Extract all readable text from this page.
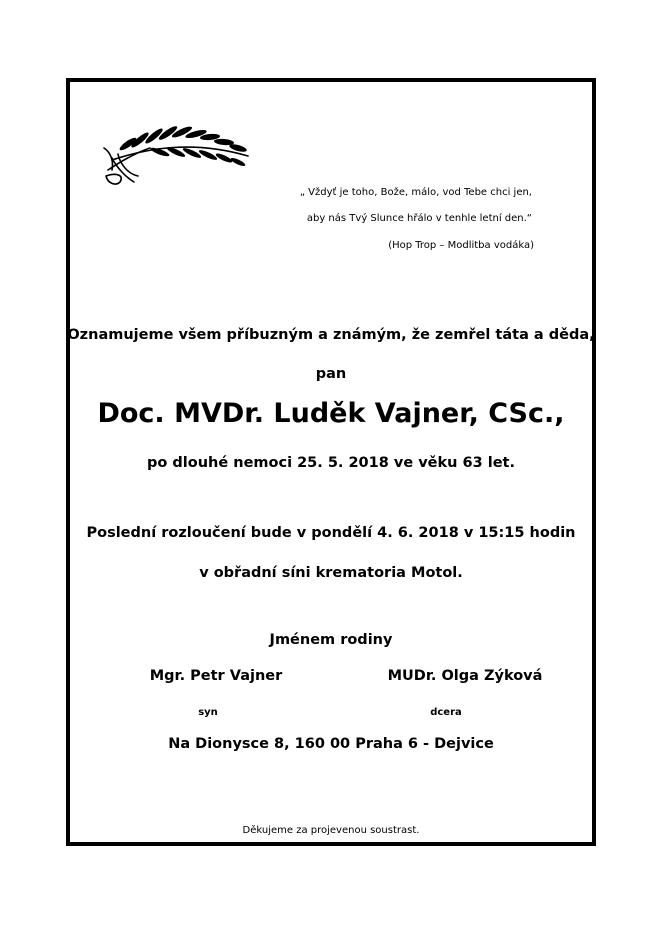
„ Vždyť je toho, Bože, málo, vod Tebe chci jen,
aby nás Tvý Slunce hřálo v tenhle letní den.“
(Hop Trop – Modlitba vodáka)
Oznamujeme všem příbuzným a známým, že zemřel táta a děda,
pan
Doc. MVDr. Luděk Vajner, CSc.,
po dlouhé nemoci 25. 5. 2018 ve věku 63 let.
Poslední rozloučení bude v pondělí 4. 6. 2018 v 15:15 hodin
v obřadní síni krematoria Motol.
Jménem rodiny
Mgr. Petr Vajner	MUDr. Olga Zýková
syn	dcera
Na Dionysce 8, 160 00 Praha 6 - Dejvice
Děkujeme za projevenou soustrast.
